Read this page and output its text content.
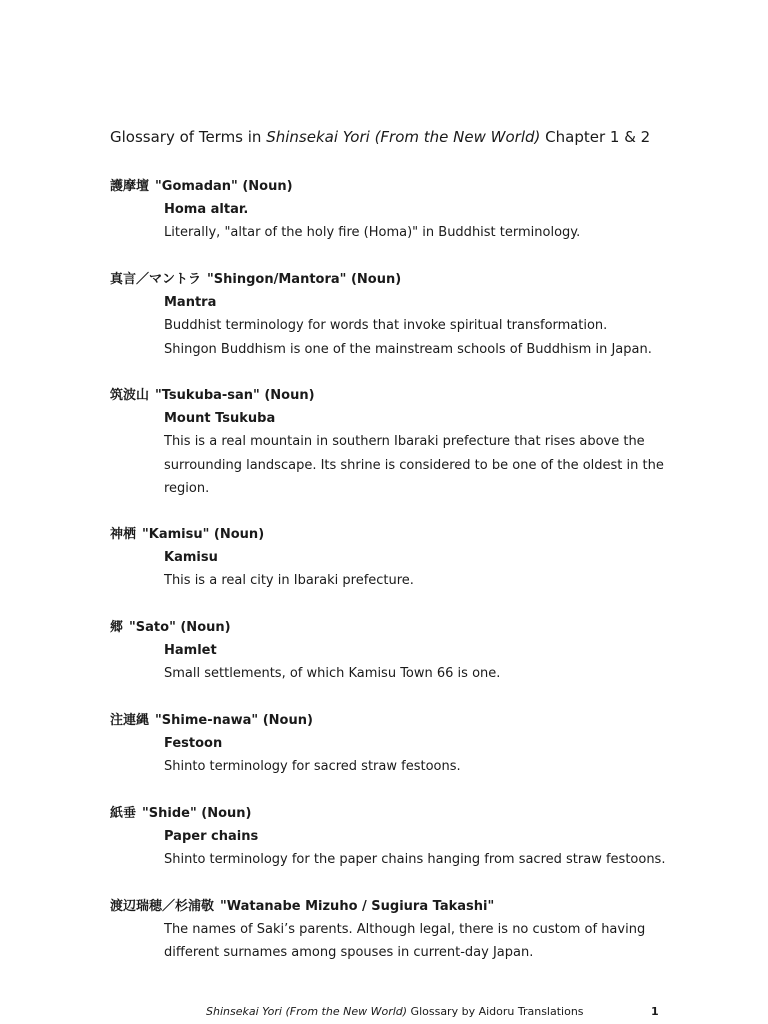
Glossary of Terms in Shinsekai Yori (From the New World) Chapter 1 & 2
護摩壇 "Gomadan" (Noun)
Homa altar.
Literally, "altar of the holy fire (Homa)" in Buddhist terminology.
真言／マントラ "Shingon/Mantora" (Noun)
Mantra
Buddhist terminology for words that invoke spiritual transformation.
Shingon Buddhism is one of the mainstream schools of Buddhism in Japan.
筑波山 "Tsukuba-san" (Noun)
Mount Tsukuba
This is a real mountain in southern Ibaraki prefecture that rises above the
surrounding landscape. Its shrine is considered to be one of the oldest in the
region.
神栖 "Kamisu" (Noun)
Kamisu
This is a real city in Ibaraki prefecture.
郷 "Sato" (Noun)
Hamlet
Small settlements, of which Kamisu Town 66 is one.
注連縄 "Shime-nawa" (Noun)
Festoon
Shinto terminology for sacred straw festoons.
紙垂 "Shide" (Noun)
Paper chains
Shinto terminology for the paper chains hanging from sacred straw festoons.
渡辺瑞穂／杉浦敬 "Watanabe Mizuho / Sugiura Takashi"
The names of Saki’s parents. Although legal, there is no custom of having
different surnames among spouses in current-day Japan.
Shinsekai Yori (From the New World) Glossary by Aidoru Translations	1
